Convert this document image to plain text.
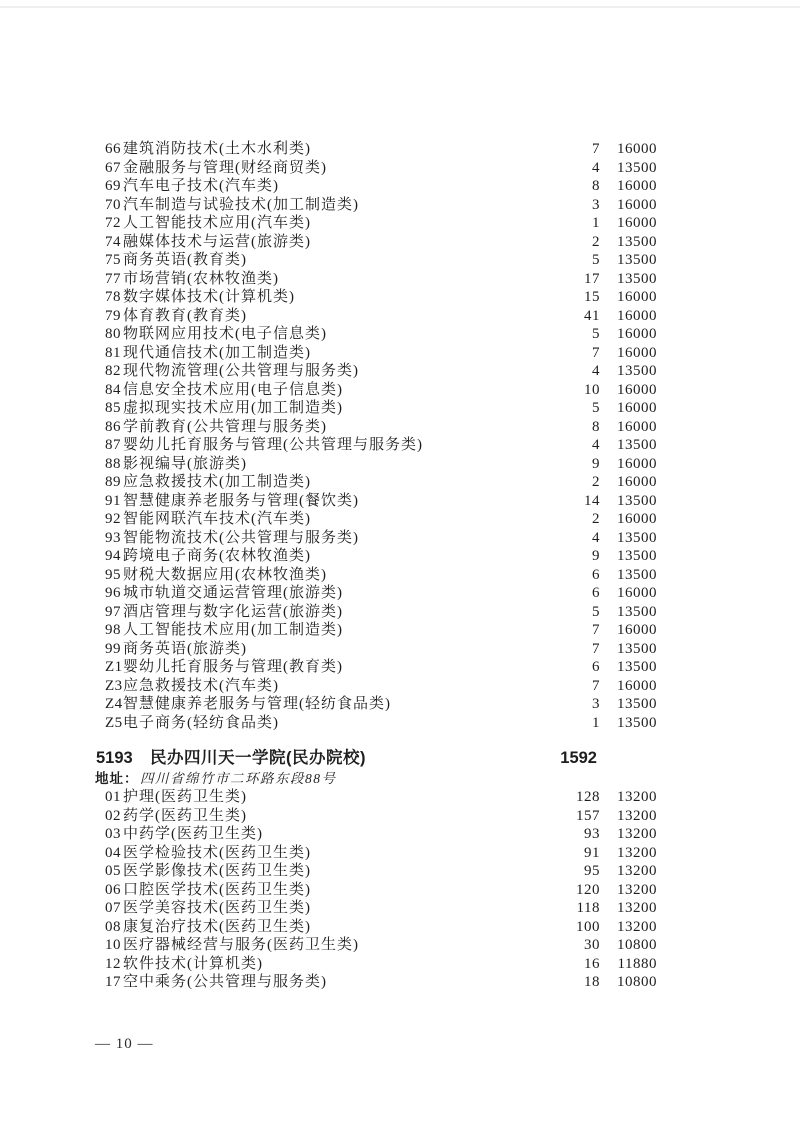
66 建筑消防技术(土木水利类)	7 16000
67 金融服务与管理(财经商贸类)	4 13500
69 汽车电子技术(汽车类)	8 16000
70 汽车制造与试验技术(加工制造类)	3 16000
72 人工智能技术应用(汽车类)	1 16000
74 融媒体技术与运营(旅游类)	2 13500
75 商务英语(教育类)	5 13500
77 市场营销(农林牧渔类)	17 13500
78 数字媒体技术(计算机类)	15 16000
79 体育教育(教育类)	41 16000
80 物联网应用技术(电子信息类)	5 16000
81 现代通信技术(加工制造类)	7 16000
82 现代物流管理(公共管理与服务类)	4 13500
84 信息安全技术应用(电子信息类)	10 16000
85 虚拟现实技术应用(加工制造类)	5 16000
86 学前教育(公共管理与服务类)	8 16000
87 婴幼儿托育服务与管理(公共管理与服务类)	4 13500
88 影视编导(旅游类)	9 16000
89 应急救援技术(加工制造类)	2 16000
91 智慧健康养老服务与管理(餐饮类)	14 13500
92 智能网联汽车技术(汽车类)	2 16000
93 智能物流技术(公共管理与服务类)	4 13500
94 跨境电子商务(农林牧渔类)	9 13500
95 财税大数据应用(农林牧渔类)	6 13500
96 城市轨道交通运营管理(旅游类)	6 16000
97 酒店管理与数字化运营(旅游类)	5 13500
98 人工智能技术应用(加工制造类)	7 16000
99 商务英语(旅游类)	7 13500
Z1 婴幼儿托育服务与管理(教育类)	6 13500
Z3 应急救援技术(汽车类)	7 16000
Z4 智慧健康养老服务与管理(轻纺食品类)	3 13500
Z5 电子商务(轻纺食品类)	1 13500
5193 民办四川天一学院(民办院校)	1592
地址： 四川省绵竹市二环路东段88号
01 护理(医药卫生类)	128 13200
02 药学(医药卫生类)	157 13200
03 中药学(医药卫生类)	93 13200
04 医学检验技术(医药卫生类)	91 13200
05 医学影像技术(医药卫生类)	95 13200
06 口腔医学技术(医药卫生类)	120 13200
07 医学美容技术(医药卫生类)	118 13200
08 康复治疗技术(医药卫生类)	100 13200
10 医疗器械经营与服务(医药卫生类)	30 10800
12 软件技术(计算机类)	16 11880
17 空中乘务(公共管理与服务类)	18 10800
— 10 —
